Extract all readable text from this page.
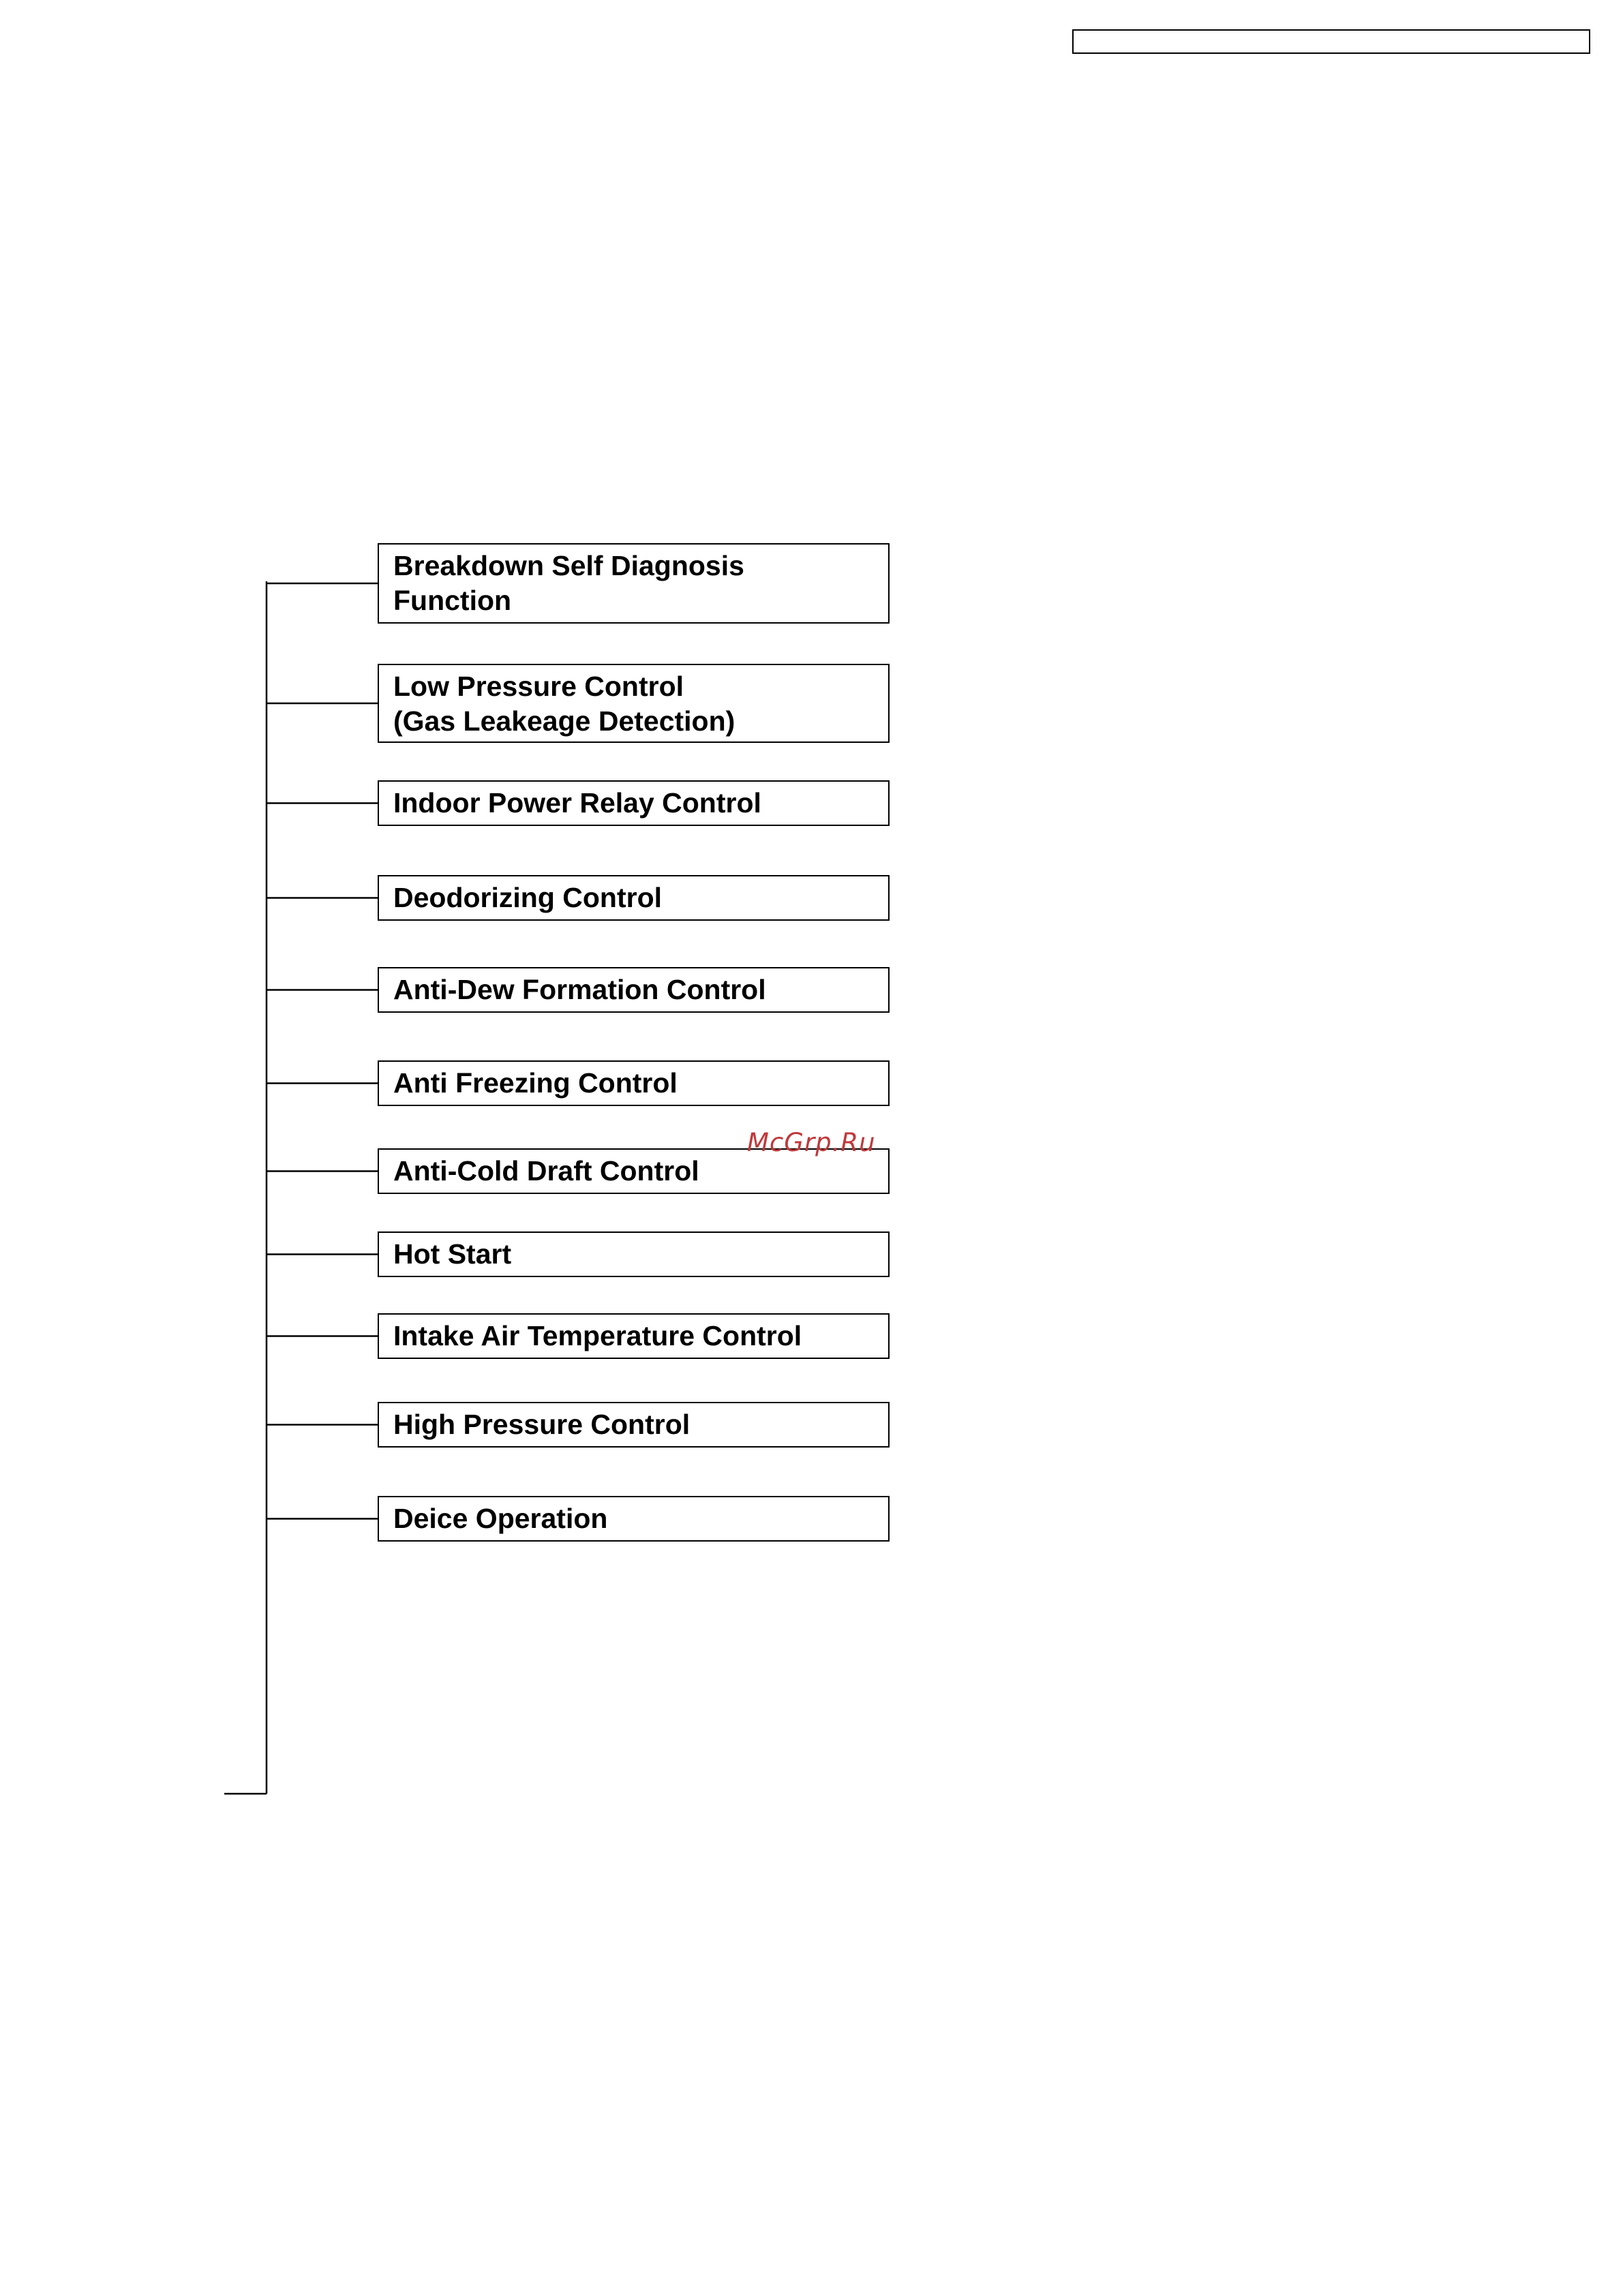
Breakdown Self Diagnosis
Function
Low Pressure Control
(Gas Leakeage Detection)
Indoor Power Relay Control
Deodorizing Control
Anti-Dew Formation Control
Anti Freezing Control
Anti-Cold Draft Control
Hot Start
Intake Air Temperature Control
High Pressure Control
Deice Operation
McGrp.Ru
